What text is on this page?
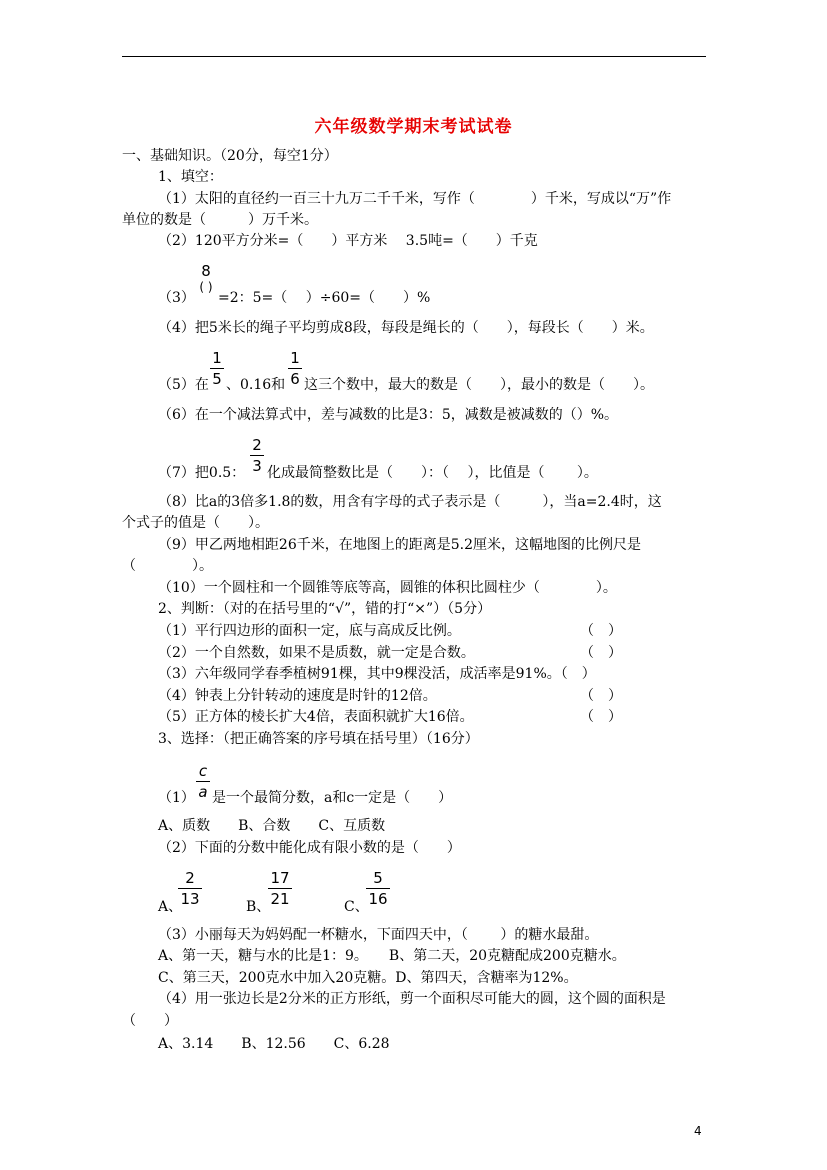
六年级数学期末考试试卷
一、基础知识。（20分，每空1分）
1、填空：
（1）太阳的直径约一百三十九万二千千米，写作（　　　　）千米，写成以“万”作
单位的数是（　　　）万千米。
（2）120平方分米=（　　）平方米　 3.5吨=（　　）千克
（3）
8
( )
=2：5=（　 ）÷60=（　　）%
（4）把5米长的绳子平均剪成8段，每段是绳长的（　　），每段长（　　）米。
（5）在
1
5 、0.16和
1
6 这三个数中，最大的数是（　　），最小的数是（　　）。
（6）在一个减法算式中，差与减数的比是3：5，减数是被减数的（）%。
（7）把0.5：
2
3 化成最简整数比是（　　）：（　 ），比值是（　　 ）。
（8）比a的3倍多1.8的数，用含有字母的式子表示是（　　　），当a=2.4时，这
个式子的值是（　　）。
（9）甲乙两地相距26千米，在地图上的距离是5.2厘米，这幅地图的比例尺是
（　　　　）。
（10）一个圆柱和一个圆锥等底等高，圆锥的体积比圆柱少（　　　　）。
2、判断：（对的在括号里的“√”，错的打“×”）（5分）
（1）平行四边形的面积一定，底与高成反比例。	（　）
（2）一个自然数，如果不是质数，就一定是合数。	（　）
（3）六年级同学春季植树91棵，其中9棵没活，成活率是91%。（　）
（4）钟表上分针转动的速度是时针的12倍。	（　）
（5）正方体的棱长扩大4倍，表面积就扩大16倍。	（　）
3、选择：（把正确答案的序号填在括号里）（16分）
（1）
c
a 是一个最简分数，a和c一定是（　　）
A、质数　　B、合数　　C、互质数
（2）下面的分数中能化成有限小数的是（　　）
A、
2
13	B、
17
21	C、
5
16
（3）小丽每天为妈妈配一杯糖水，下面四天中，（　　 ）的糖水最甜。
A、第一天，糖与水的比是1：9。　　B、第二天，20克糖配成200克糖水。
C、第三天，200克水中加入20克糖。D、第四天，含糖率为12%。
（4）用一张边长是2分米的正方形纸，剪一个面积尽可能大的圆，这个圆的面积是
（　　）
A、3.14　　B、12.56　　C、6.28
4
